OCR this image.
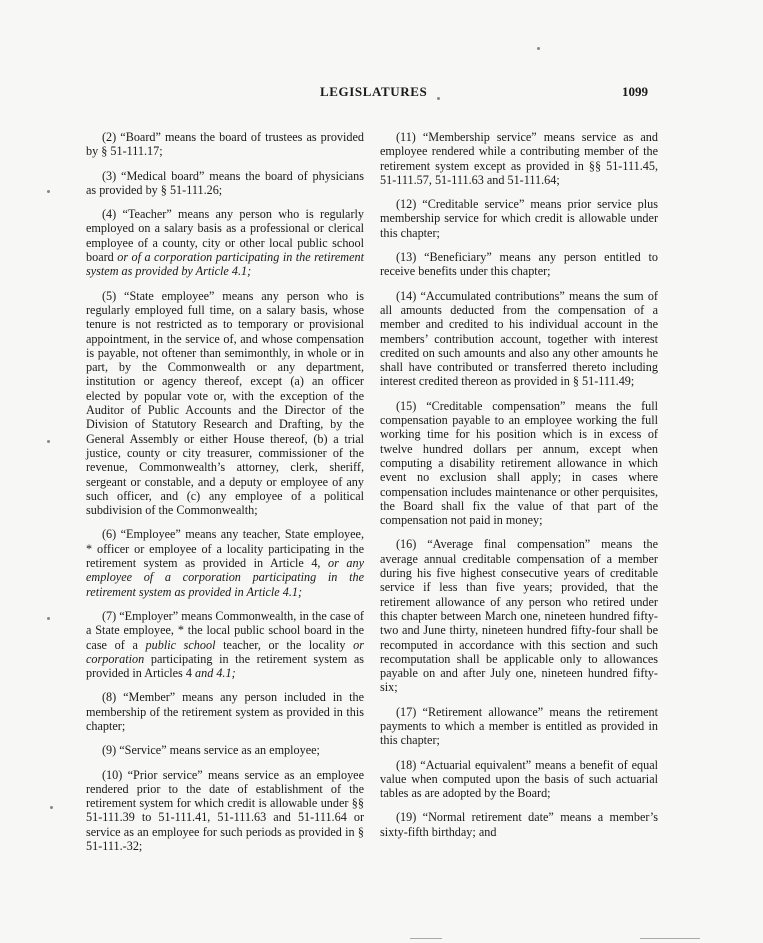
LEGISLATURES	1099

(2) “Board” means the board of trustees as provided by § 51-111.17;

(3) “Medical board” means the board of physicians as provided by § 51-111.26;

(4) “Teacher” means any person who is regularly employed on a salary basis as a professional or clerical employee of a county, city or other local public school board or of a corporation participating in the retirement system as provided by Article 4.1;

(5) “State employee” means any person who is regularly employed full time, on a salary basis, whose tenure is not restricted as to temporary or provisional appointment, in the service of, and whose compensation is payable, not oftener than semimonthly, in whole or in part, by the Commonwealth or any department, institution or agency thereof, except (a) an officer elected by popular vote or, with the exception of the Auditor of Public Accounts and the Director of the Division of Statutory Research and Drafting, by the General Assembly or either House thereof, (b) a trial justice, county or city treasurer, commissioner of the revenue, Commonwealth’s attorney, clerk, sheriff, sergeant or constable, and a deputy or employee of any such officer, and (c) any employee of a political subdivision of the Commonwealth;

(6) “Employee” means any teacher, State employee, * officer or employee of a locality participating in the retirement system as provided in Article 4, or any employee of a corporation participating in the retirement system as provided in Article 4.1;

(7) “Employer” means Commonwealth, in the case of a State employee, * the local public school board in the case of a public school teacher, or the locality or corporation participating in the retirement system as provided in Articles 4 and 4.1;

(8) “Member” means any person included in the membership of the retirement system as provided in this chapter;

(9) “Service” means service as an employee;

(10) “Prior service” means service as an employee rendered prior to the date of establishment of the retirement system for which credit is allowable under §§ 51-111.39 to 51-111.41, 51-111.63 and 51-111.64 or service as an employee for such periods as provided in § 51-111.-32;

(11) “Membership service” means service as and employee rendered while a contributing member of the retirement system except as provided in §§ 51-111.45, 51-111.57, 51-111.63 and 51-111.64;

(12) “Creditable service” means prior service plus membership service for which credit is allowable under this chapter;

(13) “Beneficiary” means any person entitled to receive benefits under this chapter;

(14) “Accumulated contributions” means the sum of all amounts deducted from the compensation of a member and credited to his individual account in the members’ contribution account, together with interest credited on such amounts and also any other amounts he shall have contributed or transferred thereto including interest credited thereon as provided in § 51-111.49;

(15) “Creditable compensation” means the full compensation payable to an employee working the full working time for his position which is in excess of twelve hundred dollars per annum, except when computing a disability retirement allowance in which event no exclusion shall apply; in cases where compensation includes maintenance or other perquisites, the Board shall fix the value of that part of the compensation not paid in money;

(16) “Average final compensation” means the average annual creditable compensation of a member during his five highest consecutive years of creditable service if less than five years; provided, that the retirement allowance of any person who retired under this chapter between March one, nineteen hundred fifty-two and June thirty, nineteen hundred fifty-four shall be recomputed in accordance with this section and such recomputation shall be applicable only to allowances payable on and after July one, nineteen hundred fifty-six;

(17) “Retirement allowance” means the retirement payments to which a member is entitled as provided in this chapter;

(18) “Actuarial equivalent” means a benefit of equal value when computed upon the basis of such actuarial tables as are adopted by the Board;

(19) “Normal retirement date” means a member’s sixty-fifth birthday; and
